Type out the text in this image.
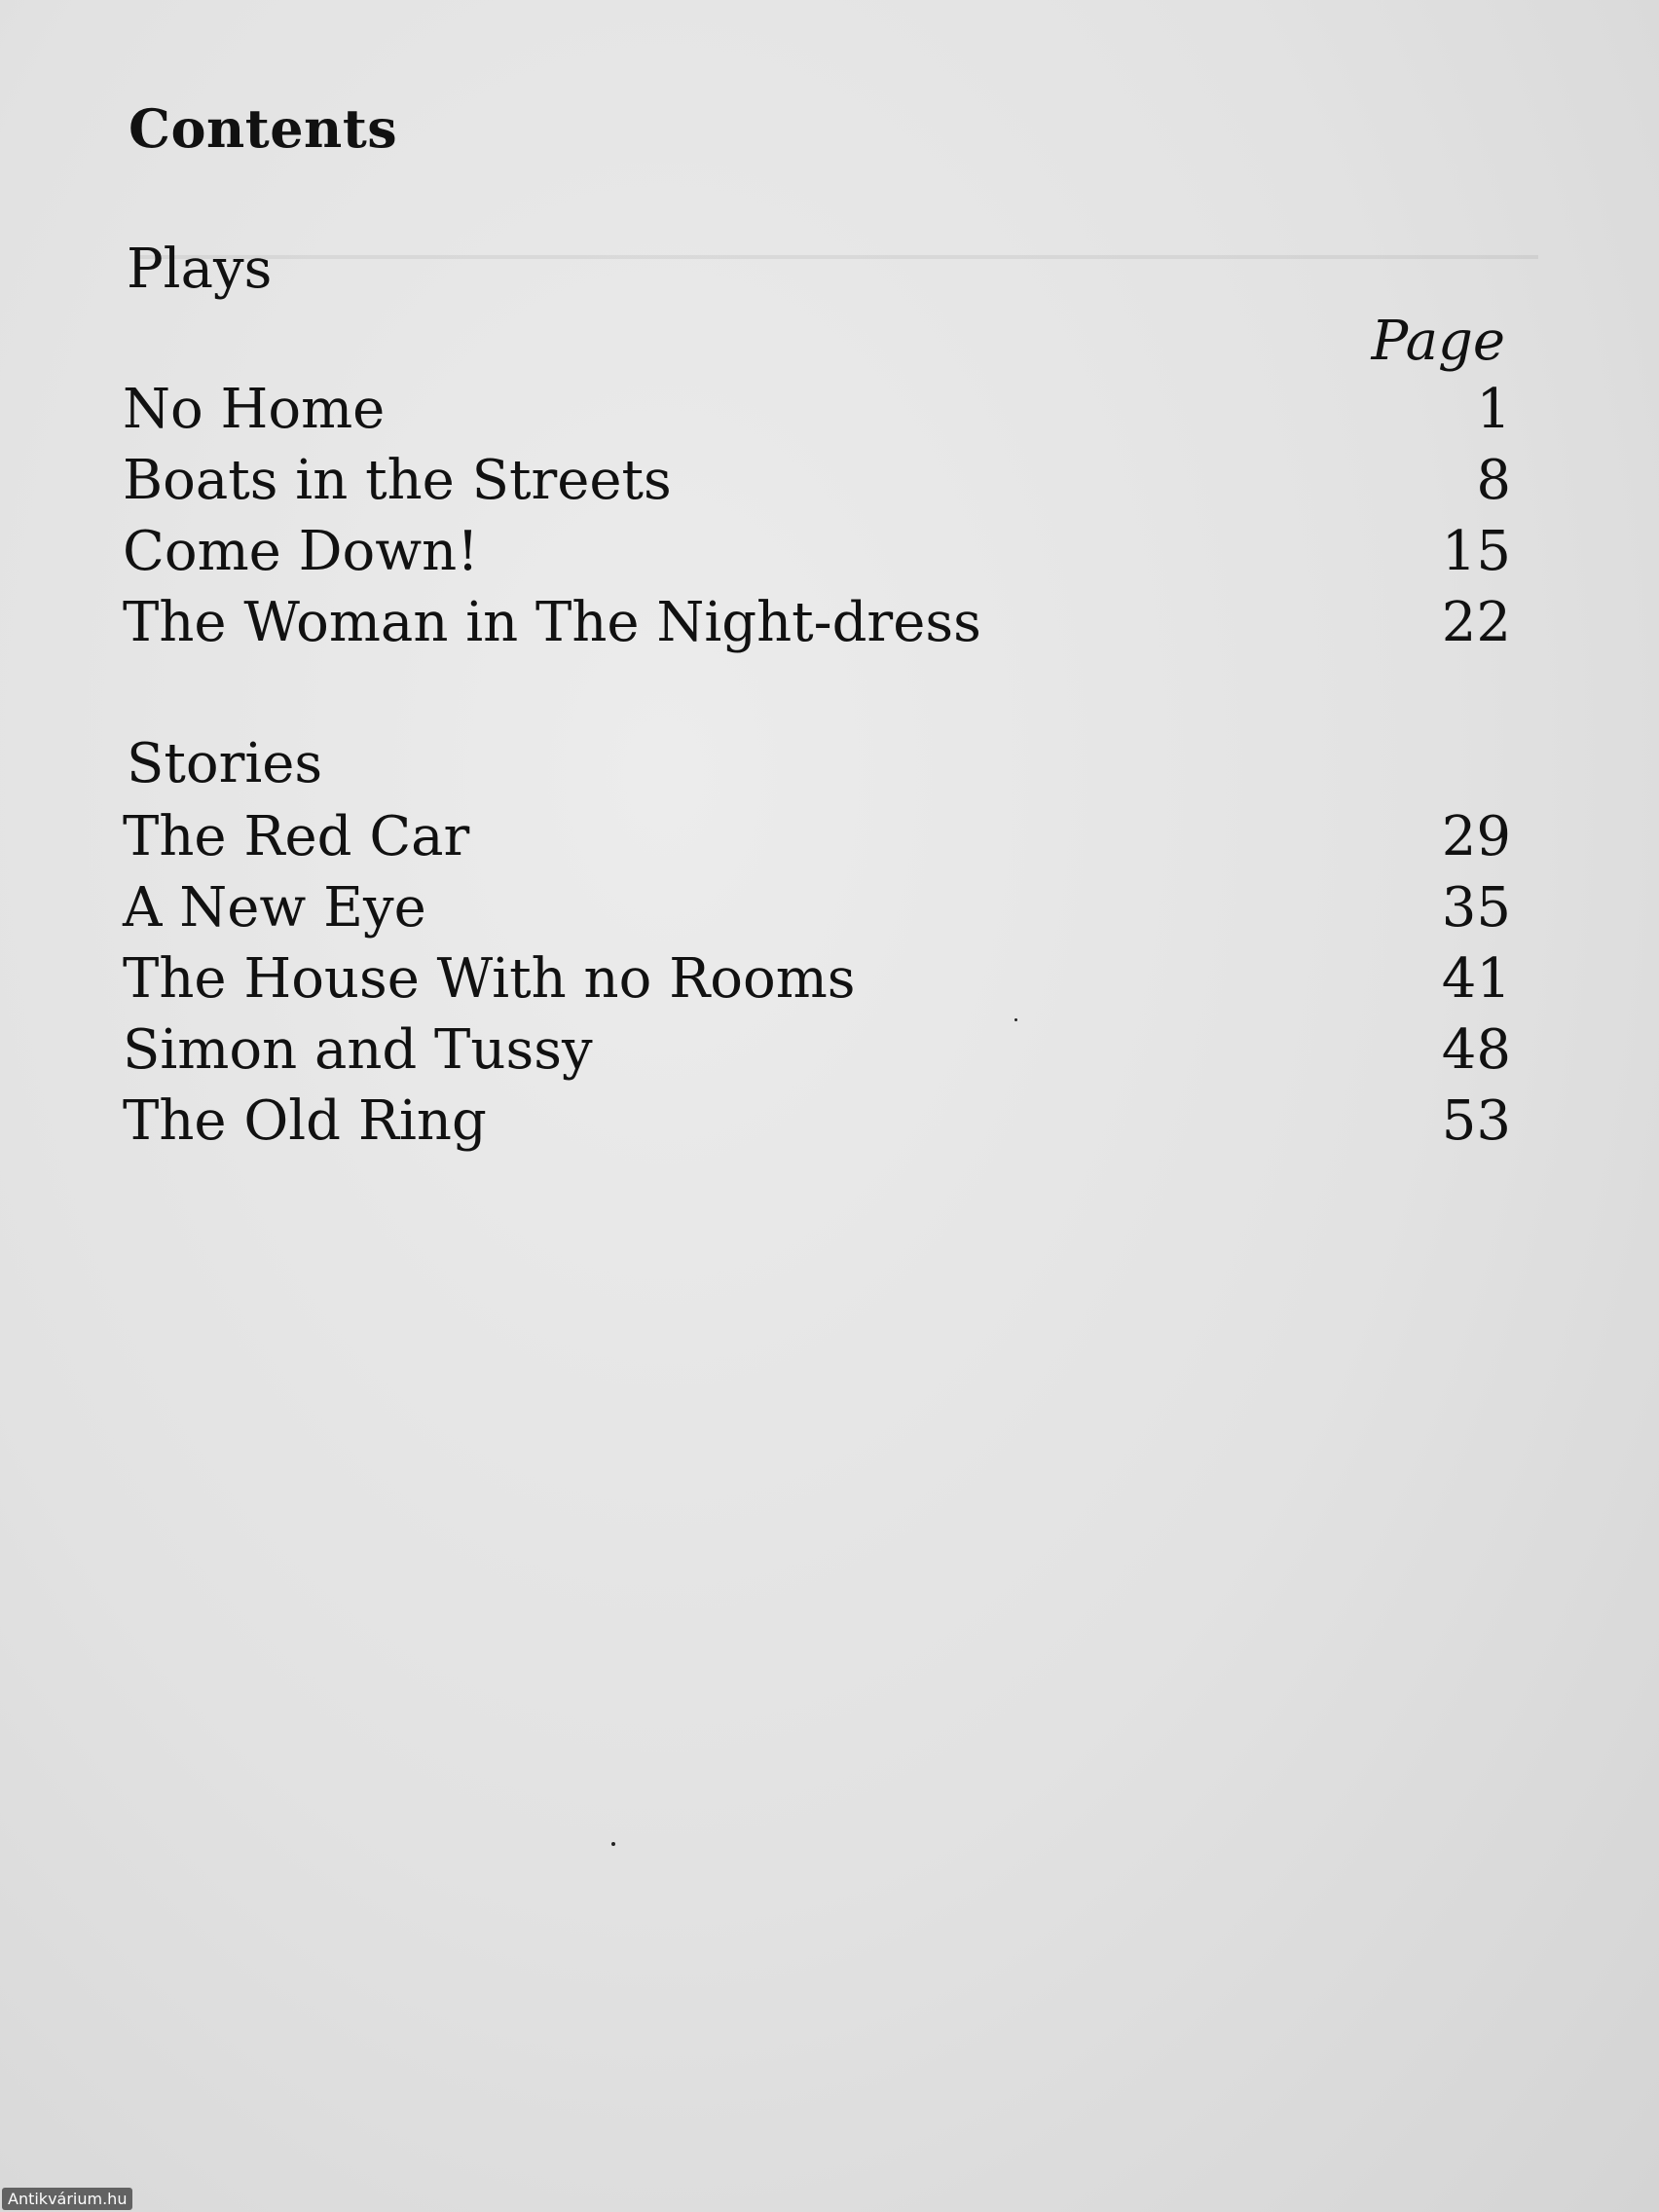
Contents
Plays
Page
No Home	1
Boats in the Streets	8
Come Down!	15
The Woman in The Night-dress	22
Stories
The Red Car	29
A New Eye	35
The House With no Rooms	41
Simon and Tussy	48
The Old Ring	53
Antikvárium.hu
